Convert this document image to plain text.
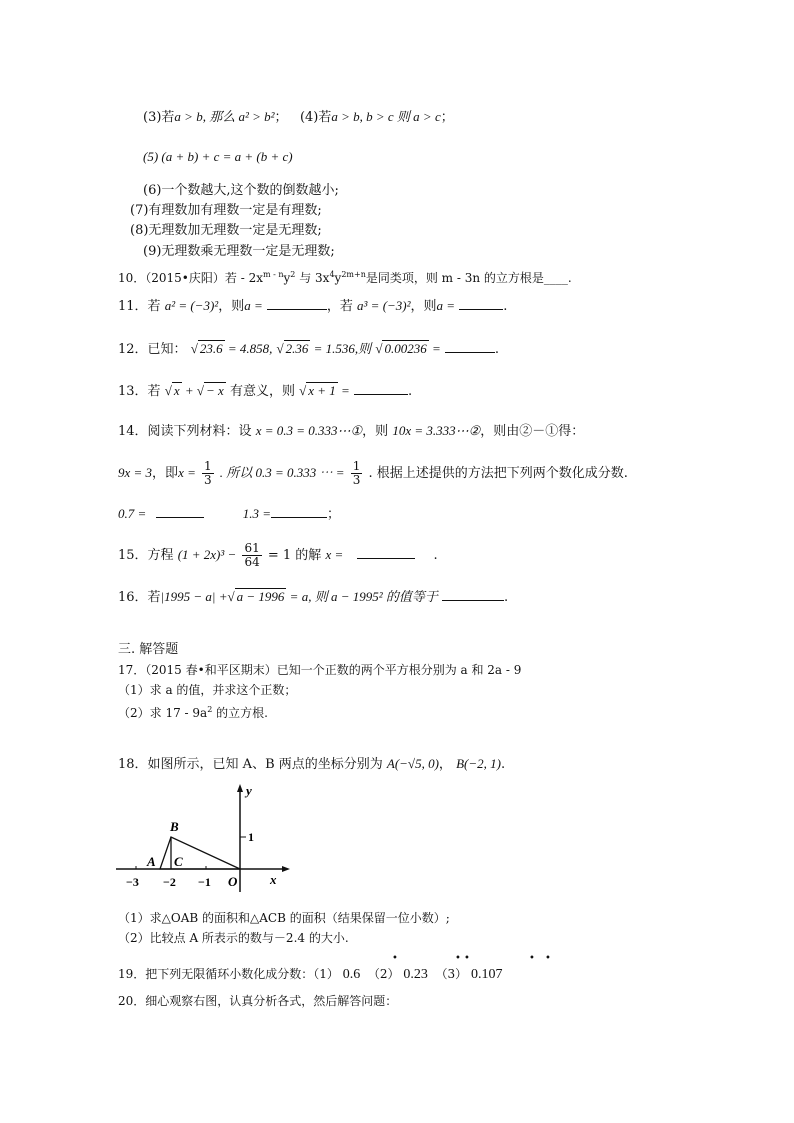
(3)若a > b, 那么 a² > b²； (4)若a > b, b > c 则 a > c；
(5) (a + b) + c = a + (b + c)
(6)一个数越大,这个数的倒数越小;
(7)有理数加有理数一定是有理数;
(8)无理数加无理数一定是无理数;
(9)无理数乘无理数一定是无理数;
10．（2015•庆阳）若 - $2x^{m - n}y^2$ 与 $3x^4y^{2m+n}$是同类项，则 m - 3n 的立方根是____.
11．若 a² = (−3)²，则a =	，若 a³ = (−3)²，则a =	.
12．已知： √ 23.6 = 4.858, √ 2.36 = 1.536,则 √ 0.00236 =	.
13．若 √ x + √ − x 有意义，则 √ x + 1 =	.
14．阅读下列材料：设 x = 0.3 = 0.333⋯①，则 10x = 3.333⋯②，则由②－①得：
9x = 3，即$x = \frac{1}{3}$ . 所以 0.3 = 0.333 ⋯ = $\frac{1}{3}$ . 根据上述提供的方法把下列两个数化成分数.
0.7 =	1.3 =	；
15．方程 $(1 + 2x)^3 - \frac{61}{64} = 1$ 的解 x =	.
16．若|1995 − a| +√ a − 1996 = a, 则 a − 1995² 的值等于	.
三. 解答题
17．（2015 春•和平区期末）已知一个正数的两个平方根分别为 a 和 2a - 9
（1）求 a 的值，并求这个正数；
（2）求 $17 - 9a^2$ 的立方根.
18．如图所示，已知 A、B 两点的坐标分别为 A(−√5, 0)， B(−2, 1).
B
A C
y
x
O
1
−1
−2
−3
（1）求△OAB 的面积和△ACB 的面积（结果保留一位小数）;
（2）比较点 A 所表示的数与－2.4 的大小.
19．把下列无限循环小数化成分数：（1） 0.6 （2） 0.23 （3） 0.107
•	• •	• •
20．细心观察右图，认真分析各式，然后解答问题：
